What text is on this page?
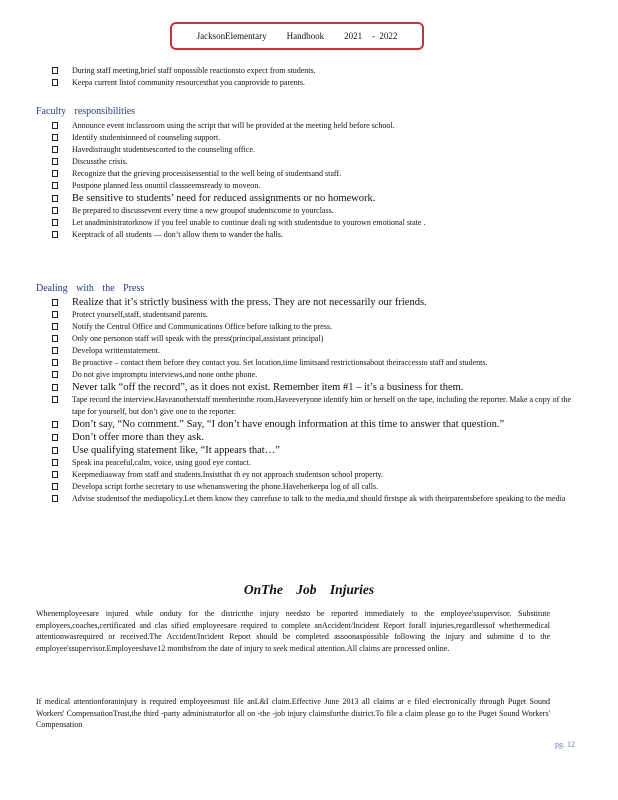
JacksonElementary Handbook 2021 - 2022
During staff meeting,brief staff onpossible reactionsto expect from students.
Keepa current listof community resourcesthat you canprovide to parents.
Faculty responsibilities
Announce event inclassroom using the script that will be provided at the meeting held before school.
Identify studentsinneed of counseling support.
Havedistraught studentsescorted to the counseling office.
Discussthe crisis.
Recognize that the grieving processisessential to the well being of studentsand staff.
Postpone planned less onuntil classseemsready to moveon.
Be sensitive to students’ need for reduced assignments or no homework.
Be prepared to discussevent every time a new groupof studentscome to yourclass.
Let anadministratorknow if you feel unable to continue deali ng with studentsdue to yourown emotional state .
Keeptrack of all students — don’t allow them to wander the halls.
Dealing with the Press
Realize that it’s strictly business with the press. They are not necessarily our friends.
Protect yourself,staff, studentsand parents.
Notify the Central Office and Communications Office before talking to the press.
Only one personon staff will speak with the press(principal,assistant principal)
Developa writtenstatement.
Be proactive – contact them before they contact you. Set location,time limitsand restrictionsabout theiraccessto staff and students.
Do not give impromptu interviews,and none onthe phone.
Never talk “off the record”, as it does not exist. Remember item #1 – it’s a business for them.
Tape record the interview.Haveanotherstaff memberinthe room.Haveeveryone identify him or herself on the tape, including the reporter. Make a copy of the tape for yourself, but don’t give one to the reporter.
Don’t say, “No comment.” Say, “I don’t have enough information at this time to answer that question.”
Don’t offer more than they ask.
Use qualifying statement like, “It appears that…”
Speak ina peaceful,calm, voice, using good eye contact.
Keepmediaaway from staff and students.Insistthat th ey not approach studentson school property.
Developa script forthe secretary to use whenanswering the phone.Haveherkeepa log of all calls.
Advise studentsof the mediapolicy.Let them know they canrefuse to talk to the media,and should firstspe ak with theirparentsbefore speaking to the media
OnThe Job Injuries
Whenemployeesare injured while onduty for the districtthe injury needsto be reported immediately to the employee'ssupervisor. Substitute employees,coaches,certificated and clas sified employeesare required to complete anAccident/Incident Report forall injuries,regardlessof whethermedical attentionwasrequired or received.The Accident/Incident Report should be completed assoonaspossible following the injury and submitte d to the employee'ssupervisor.Employeeshave12 monthsfrom the date of injury to seek medical attention.All claims are processed online.
If medical attentionforaninjury is required employeesmust file anL&I claim.Effective June 2013 all claims ar e filed electronically through Puget Sound Workers' CompensationTrust,the third -party administratorfor all on -the -job injury claimsforthe district.To file a claim please go to the Puget Sound Workers' Compensation
pg. 12
